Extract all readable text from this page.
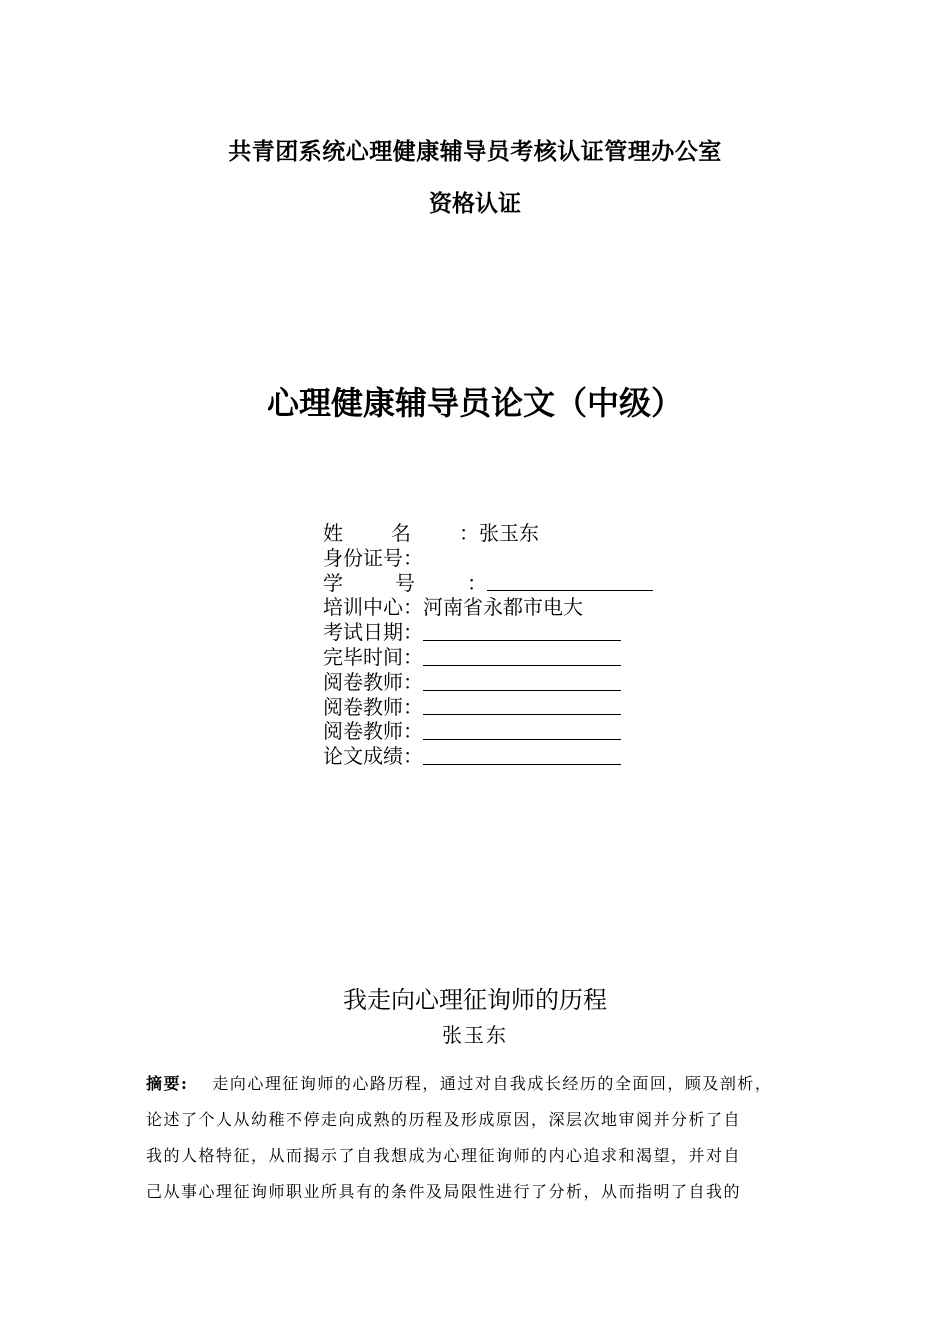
共青团系统心理健康辅导员考核认证管理办公室
资格认证
心理健康辅导员论文（中级）
姓名 ： 张玉东
身份证号 ：
学号 ：
培训中心 ： 河南省永都市电大
考试日期 ：
完毕时间 ：
阅卷教师 ：
阅卷教师 ：
阅卷教师 ：
论文成绩 ：
我走向心理征询师的历程
张玉东
摘要: 走向心理征询师的心路历程，通过对自我成长经历的全面回，顾及剖析，
论述了个人从幼稚不停走向成熟的历程及形成原因，深层次地审阅并分析了自
我的人格特征，从而揭示了自我想成为心理征询师的内心追求和渴望，并对自
己从事心理征询师职业所具有的条件及局限性进行了分析，从而指明了自我的
